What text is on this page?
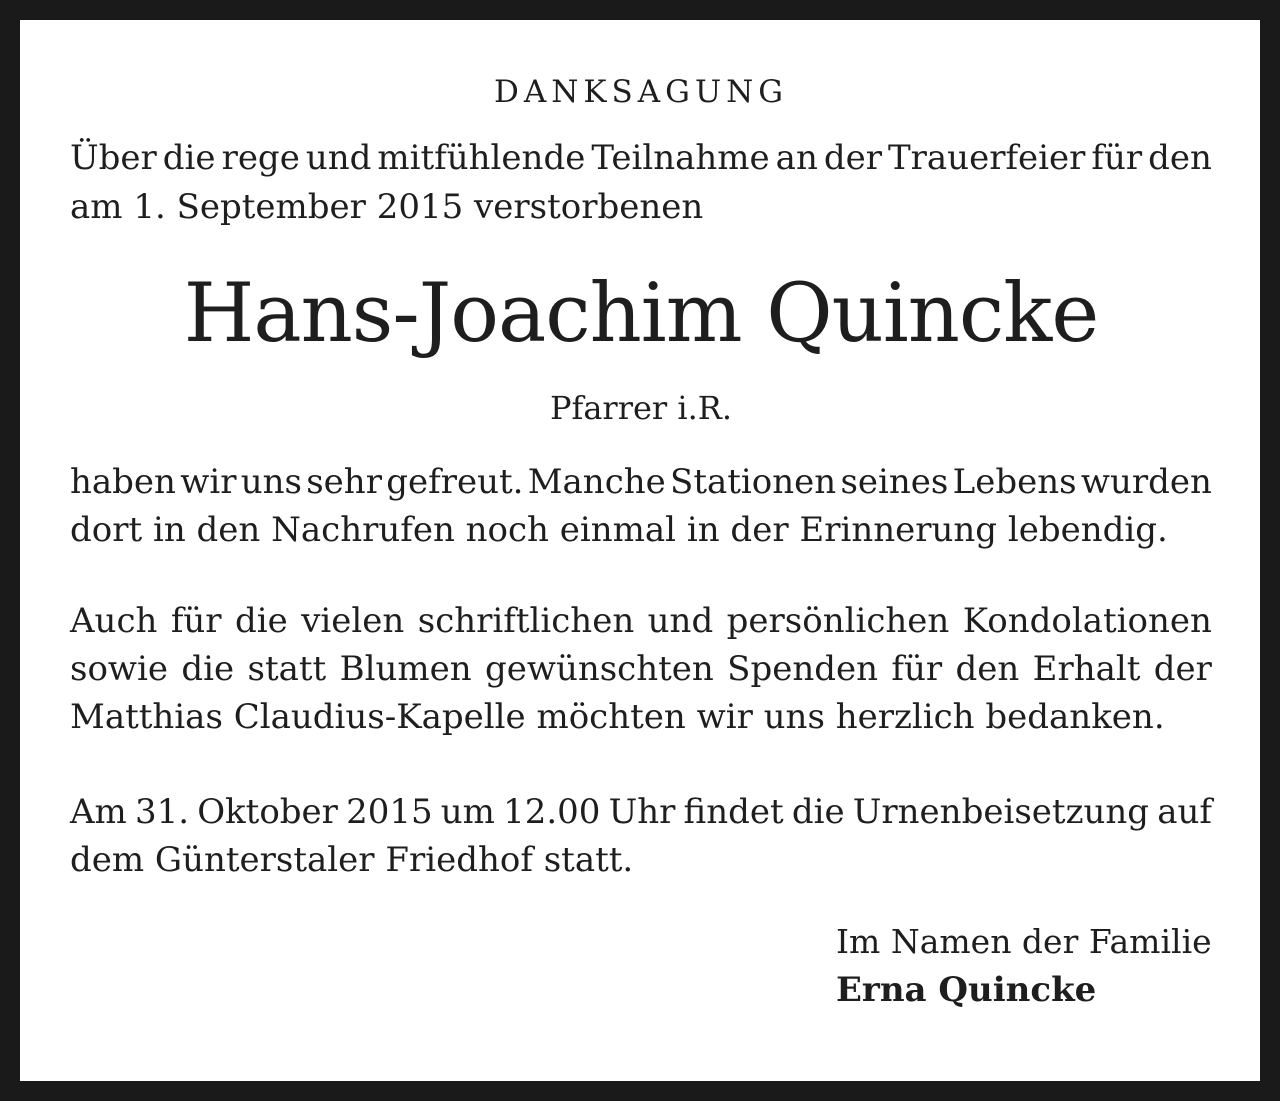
DANKSAGUNG
Über die rege und mitfühlende Teilnahme an der Trauerfeier für den
am 1. September 2015 verstorbenen
Hans-Joachim Quincke
Pfarrer i.R.
haben wir uns sehr gefreut. Manche Stationen seines Lebens wurden
dort in den Nachrufen noch einmal in der Erinnerung lebendig.
Auch für die vielen schriftlichen und persönlichen Kondolationen
sowie die statt Blumen gewünschten Spenden für den Erhalt der
Matthias Claudius-Kapelle möchten wir uns herzlich bedanken.
Am 31. Oktober 2015 um 12.00 Uhr findet die Urnenbeisetzung auf
dem Günterstaler Friedhof statt.
Im Namen der Familie
Erna Quincke
